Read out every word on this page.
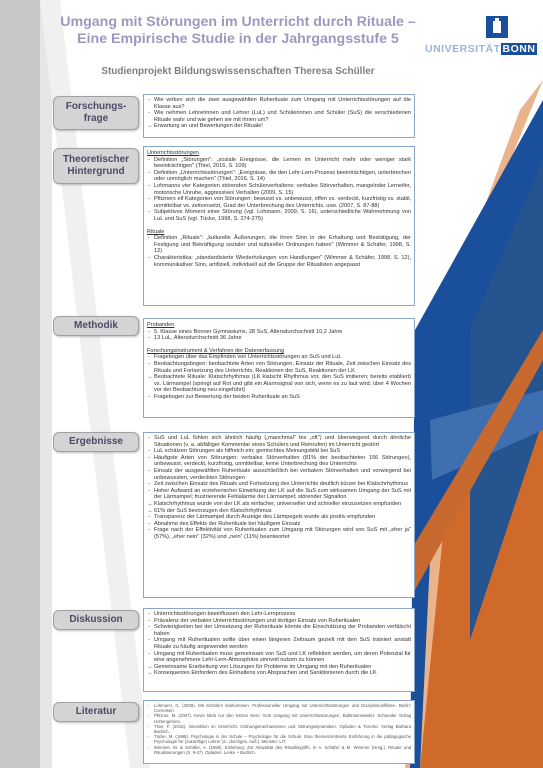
Umgang mit Störungen im Unterricht durch Rituale – Eine Empirische Studie in der Jahrgangsstufe 5
Studienprojekt Bildungswissenschaften Theresa Schüller
UNIVERSITÄT BONN
Forschungs-frage
- Wie wirken sich die zwei ausgewählten Ruherituale zum Umgang mit Unterrichtsstörungen auf die Klasse aus?
- Wie nehmen Lehrerinnen und Lehrer (LuL) und Schülerinnen und Schüler (SuS) die verschiedenen Rituale wahr und wie gehen sie mit ihnen um?
→ Erwartung an und Bewertungen der Rituale!
Theoretischer Hintergrund
Unterrichtsstörungen
- Definition „Störungen": „soziale Ereignisse, die Lernen im Unterricht mehr oder weniger stark beeinträchtigen" (Thiel, 2016, S. 109)
- Definition „Unterrichtsstörungen": „Ereignisse, die den Lehr-Lern-Prozess beeinträchtigen, unterbrechen oder unmöglich machen" (Thiel, 2016, S. 14)
- Lohmanns vier Kategorien störenden Schülerverhaltens: verbales Störverhalten, mangelnder Lerneifer, motorische Unruhe, aggressives Verhalten (2009, S. 15)
- Pfitzners elf Kategorien von Störungen: bewusst vs. unbewusst, offen vs. verdeckt, kurzfristig vs. stabil, unmittelbar vs. zeitversetzt, Grad der Unterbrechung des Unterrichts, usw. (2007, S. 87-88)
- Subjektives Moment einer Störung (vgl. Lohmann, 2009, S. 16), unterschiedliche Wahrnehmung von LuL und SuS (vgl. Tücke, 1998, S. 274-275)
Rituale
- Definition „Rituale": „kulturelle Äußerungen, die ihren Sinn in der Erhaltung und Bestätigung, der Festigung und Bekräftigung sozialer und kultureller Ordnungen haben" (Wimmer & Schäfer, 1998, S. 12)
- Charakteristika: „standardisierte Wiederholungen von Handlungen" (Wimmer & Schäfer, 1998, S. 12), kommunikativer Sinn, artifiziell, individuell auf die Gruppe der Ritualisten angepasst
Methodik	Probanden
- 5. Klasse eines Bonner Gymnasiums, 28 SuS, Altersdurchschnitt 10,2 Jahre
- 13 LuL, Altersdurchschnitt 36 Jahre
Forschungsinstrument & Verfahren der Datenerfassung
- Fragebogen über das Empfinden von Unterrichtsstörungen an SuS und LuL
- Beobachtungsbogen: beobachtete Arten von Störungen, Einsatz der Rituale, Zeit zwischen Einsatz des Rituals und Fortsetzung des Unterrichts, Reaktionen der SuS, Reaktionen der LK
→ Beobachtete Rituale: Klatschrhythmus (LK klatscht Rhythmus vor, den SuS imitieren; bereits etabliert) vs. Lärmampel (springt auf Rot und gibt ein Alarmsignal von sich, wenn es zu laut wird; über 4 Wochen vor der Beobachtung neu eingeführt)
- Fragebogen zur Bewertung der beiden Ruherituale an SuS
Ergebnisse	- SuS und LuL fühlen sich ähnlich häufig („manchmal" bis „oft") und überwiegend durch ähnliche Situationen (v. a. abfälliger Kommentar eines Schülers und Reinrufen) im Unterricht gestört
- LuL schätzen Störungen als hilfreich ein; gemischtes Meinungsbild bei SuS
- Häufigste Arten von Störungen: verbales Störverhalten (81% der beobachteten 156 Störungen), unbewusst, verdeckt, kurzfristig, unmittelbar, keine Unterbrechung des Unterrichts
- Einsatz der ausgewählten Ruherituale ausschließlich bei verbalem Störverhalten und vorwiegend bei unbewussten, verdeckten Störungen
- Zeit zwischen Einsatz des Rituals und Fortsetzung des Unterrichts deutlich kürzer bei Klatschrhythmus
- Hoher Aufwand an erzieherischer Einwirkung der LK auf die SuS zum wirksamen Umgang der SuS mit der Lärmampel; frustrierende Fehlalarme der Lärmampel; störender Signalton
→ Klatschrhythmus wurde von der LK als einfacher, universeller und schneller einzusetzen empfunden
→ 61% der SuS bevorzugen den Klatschrhythmus
- Transparenz der Lärmampel durch Anzeige des Lärmpegels wurde als positiv empfunden
- Abnahme des Effekts der Ruherituale bei häufigem Einsatz
- Frage nach der Effektivität von Ruheritualen zum Umgang mit Störungen wird von SuS mit „eher ja" (57%), „eher nein" (32%) und „nein" (11%) beantwortet
Diskussion	- Unterrichtsstörungen beeinflussen den Lehr-Lernprozess
- Prävalenz der verbalen Unterrichtsstörungen und dortiger Einsatz von Ruheritualen
- Schwierigkeiten bei der Umsetzung der Ruherituale könnte die Einschätzung der Probanden verfälscht haben
- Umgang mit Ruheritualen sollte über einen längeren Zeitraum gezielt mit den SuS trainiert anstatt Rituale zu häufig angewendet werden
- Umgang mit Ruheritualen muss gemeinsam von SuS und LK reflektiert werden, um deren Potenzial für eine angenehmere Lehr-Lern-Atmosphäre sinnvoll nutzen zu können
→ Gemeinsame Erarbeitung von Lösungen für Probleme im Umgang mit den Ruheritualen
→ Konsequentes Einfordern des Einhaltens von Absprachen und Sanktionieren durch die LK
Literatur
- Lohmann, G. (2009). Mit Schülern klarkommen: Professioneller Umgang mit Unterrichtsstörungen und Disziplinkonflikten. Berlin: Cornelsen.
- Pfitzner, M. (2007). Kevin blieb nur den letzten Nerv: Vom Umgang mit Unterrichtsstörungen. Baltmannsweiler: Schneider Verlag Hohengehren.
- Thiel, F. (2016). Interaktion im Unterricht: Ordnungsmechanismen und Störungsdynamiken. Opladen & Toronto: Verlag Barbara Budrich.
- Tücke, M. (1998). Psychologie in der Schule – Psychologie für die Schule: Eine themenzentrierte Einführung in die pädagogische Psychologie für (zukünftige) Lehrer (2., durchges. Aufl.). Münster: LIT.
- Wimmer, M. & Schäfer, A. (1998). Einleitung: Zur Aktualität des Ritualbegriffs. In A. Schäfer & M. Wimmer (Hrsg.), Rituale und Ritualisierungen (S. 9-47). Opladen: Leske + Budrich.
